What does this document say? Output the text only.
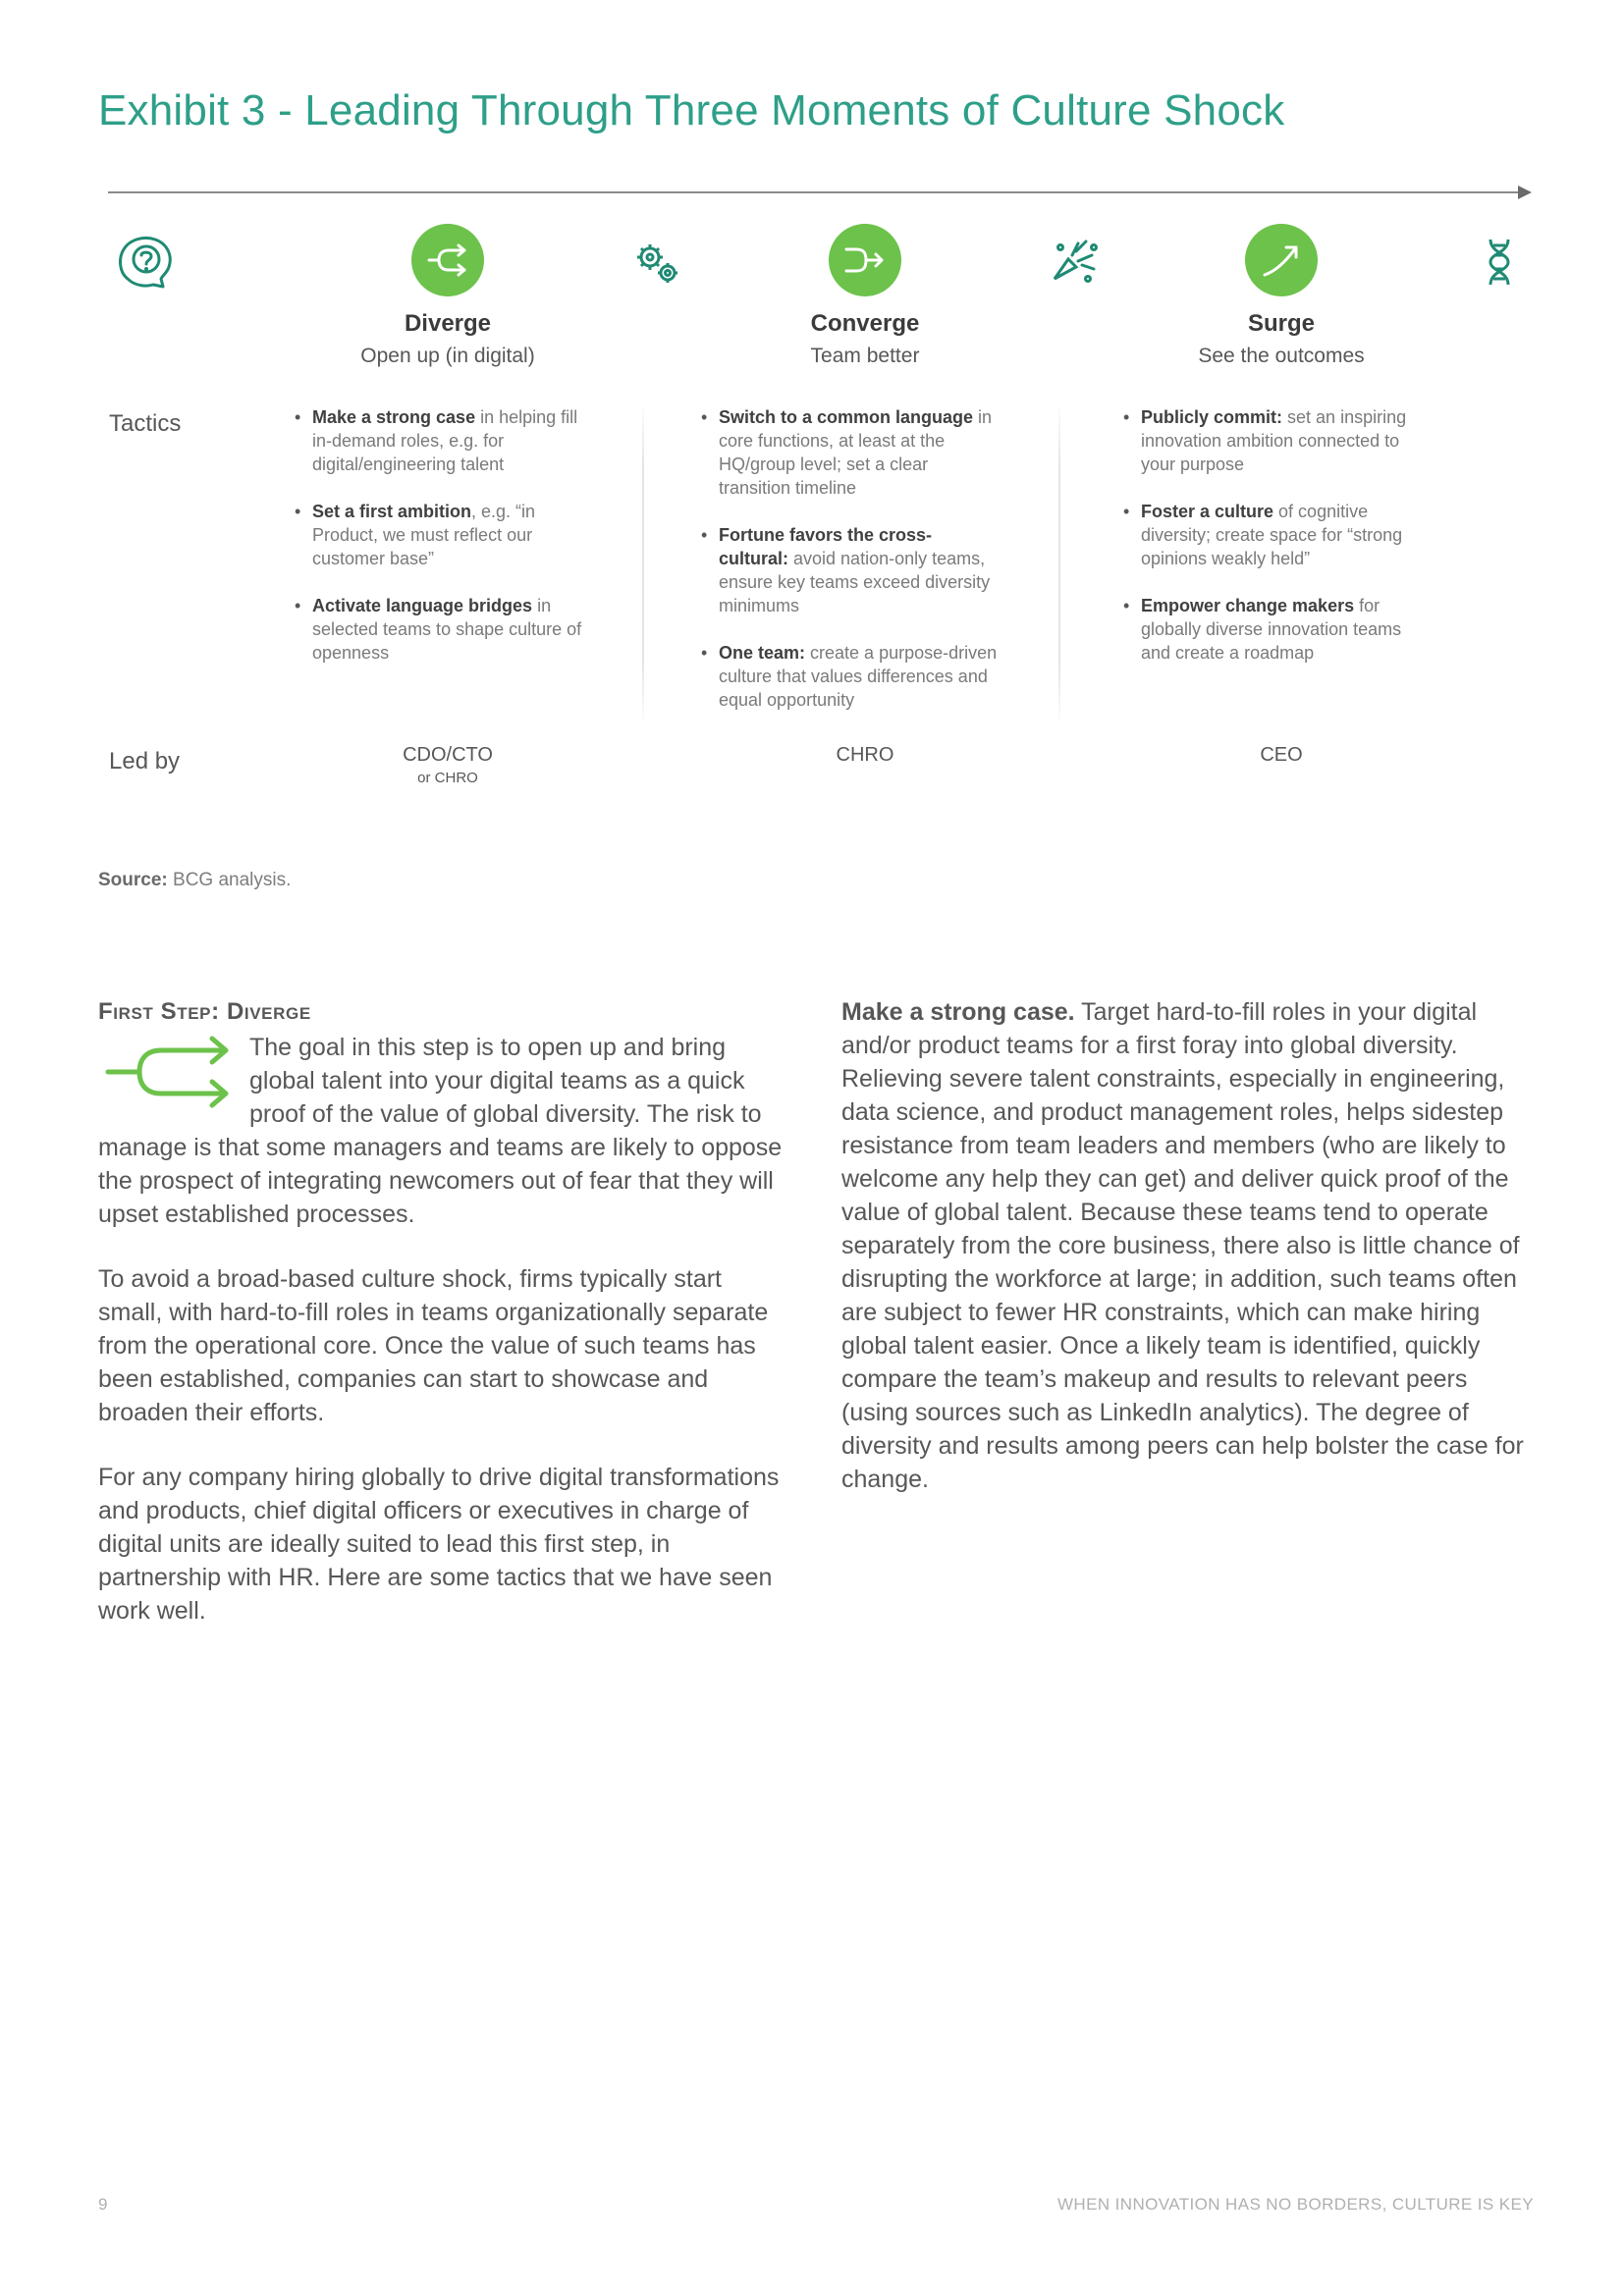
Exhibit 3 - Leading Through Three Moments of Culture Shock
Diverge
Open up (in digital)
Converge
Team better
Surge
See the outcomes
Tactics
Led by
• Make a strong case in helping fill in-demand roles, e.g. for digital/engineering talent
• Set a first ambition, e.g. “in Product, we must reflect our customer base”
• Activate language bridges in selected teams to shape culture of openness
• Switch to a common language in core functions, at least at the HQ/group level; set a clear transition timeline
• Fortune favors the cross-cultural: avoid nation-only teams, ensure key teams exceed diversity minimums
• One team: create a purpose-driven culture that values differences and equal opportunity
• Publicly commit: set an inspiring innovation ambition connected to your purpose
• Foster a culture of cognitive diversity; create space for “strong opinions weakly held”
• Empower change makers for globally diverse innovation teams and create a roadmap
CDO/CTO
or CHRO
CHRO	CEO
Source: BCG analysis.
First Step: Diverge

The goal in this step is to open up and bring global talent into your digital teams as a quick proof of the value of global diversity. The risk to manage is that some managers and teams are likely to oppose the prospect of integrating newcomers out of fear that they will upset established processes.

To avoid a broad-based culture shock, firms typically start small, with hard-to-fill roles in teams organizationally separate from the operational core. Once the value of such teams has been established, companies can start to showcase and broaden their efforts.

For any company hiring globally to drive digital transformations and products, chief digital officers or executives in charge of digital units are ideally suited to lead this first step, in partnership with HR. Here are some tactics that we have seen work well.

Make a strong case. Target hard-to-fill roles in your digital and/or product teams for a first foray into global diversity. Relieving severe talent constraints, especially in engineering, data science, and product management roles, helps sidestep resistance from team leaders and members (who are likely to welcome any help they can get) and deliver quick proof of the value of global talent. Because these teams tend to operate separately from the core business, there also is little chance of disrupting the workforce at large; in addition, such teams often are subject to fewer HR constraints, which can make hiring global talent easier. Once a likely team is identified, quickly compare the team’s makeup and results to relevant peers (using sources such as LinkedIn analytics). The degree of diversity and results among peers can help bolster the case for change.

9	WHEN INNOVATION HAS NO BORDERS, CULTURE IS KEY
